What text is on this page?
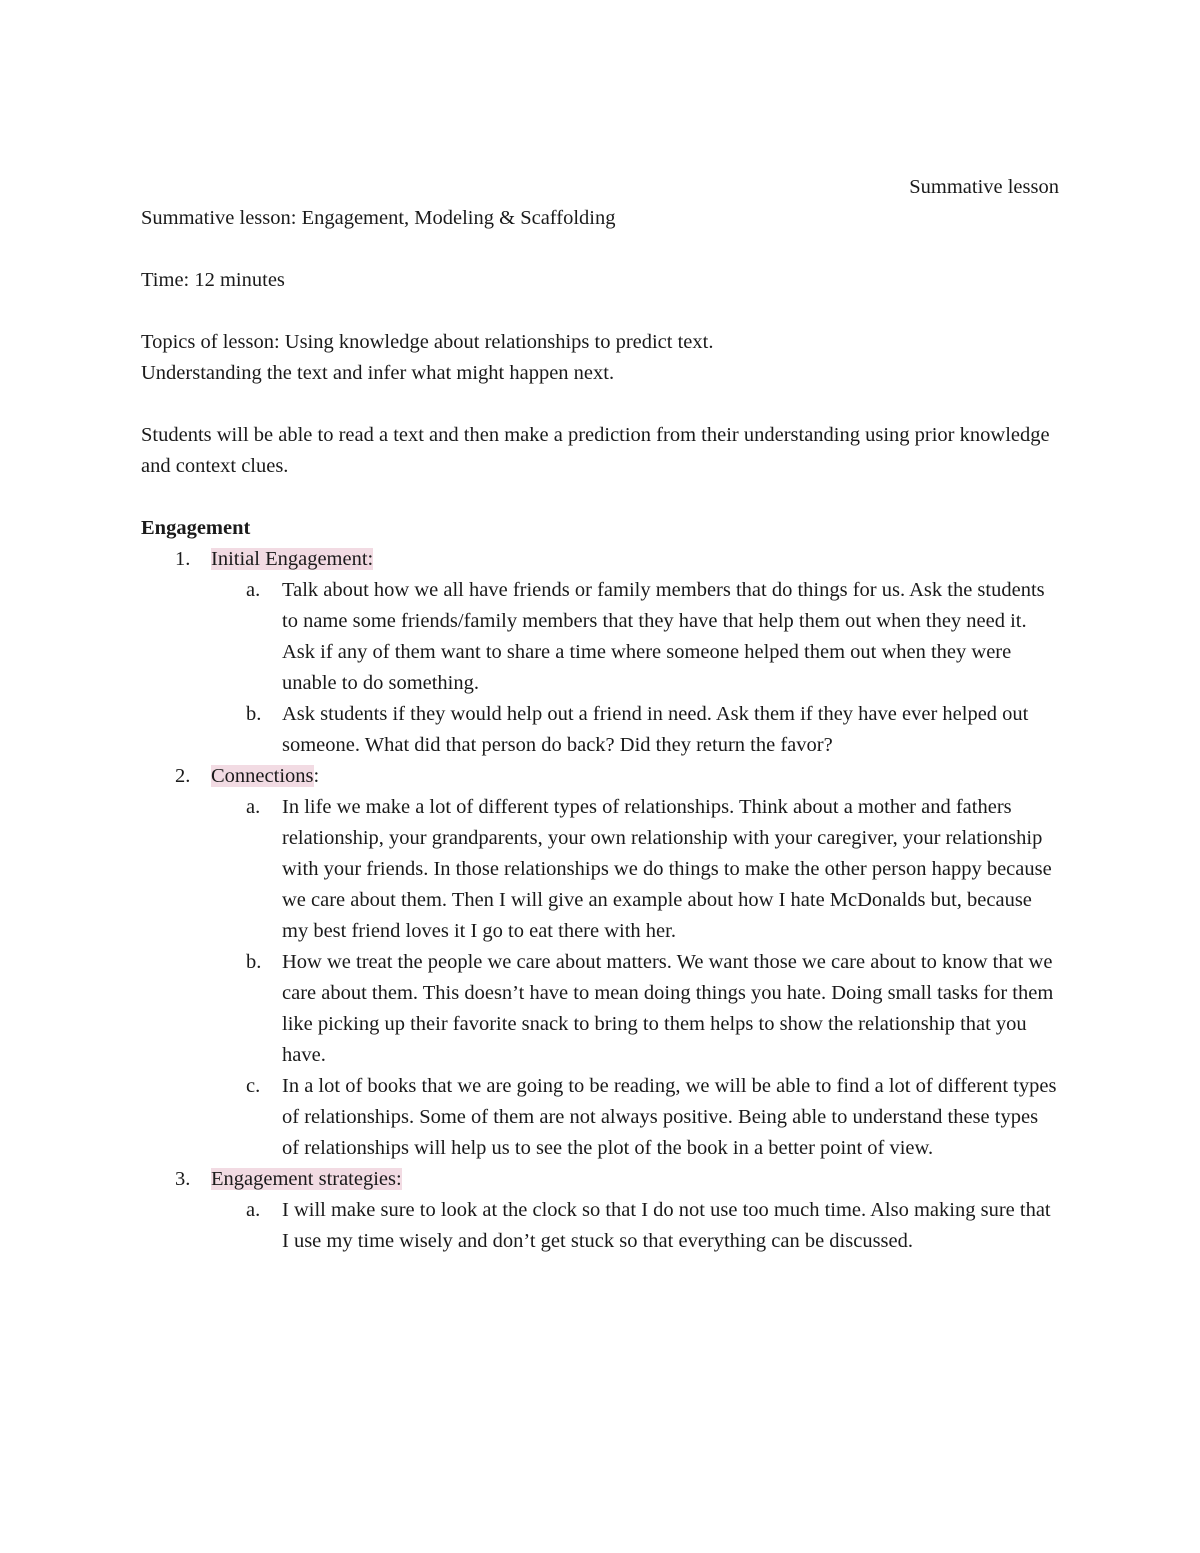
Summative lesson

Summative lesson: Engagement, Modeling & Scaffolding

Time: 12 minutes

Topics of lesson: Using knowledge about relationships to predict text.

Understanding the text and infer what might happen next.

Students will be able to read a text and then make a prediction from their understanding using prior knowledge and context clues.

Engagement

1. Initial Engagement:
a. Talk about how we all have friends or family members that do things for us. Ask the students to name some friends/family members that they have that help them out when they need it. Ask if any of them want to share a time where someone helped them out when they were unable to do something.
b. Ask students if they would help out a friend in need. Ask them if they have ever helped out someone. What did that person do back? Did they return the favor?
2. Connections:
a. In life we make a lot of different types of relationships. Think about a mother and fathers relationship, your grandparents, your own relationship with your caregiver, your relationship with your friends. In those relationships we do things to make the other person happy because we care about them. Then I will give an example about how I hate McDonalds but, because my best friend loves it I go to eat there with her.
b. How we treat the people we care about matters. We want those we care about to know that we care about them. This doesn’t have to mean doing things you hate. Doing small tasks for them like picking up their favorite snack to bring to them helps to show the relationship that you have.
c. In a lot of books that we are going to be reading, we will be able to find a lot of different types of relationships. Some of them are not always positive. Being able to understand these types of relationships will help us to see the plot of the book in a better point of view.
3. Engagement strategies:
a. I will make sure to look at the clock so that I do not use too much time. Also making sure that I use my time wisely and don’t get stuck so that everything can be discussed.
